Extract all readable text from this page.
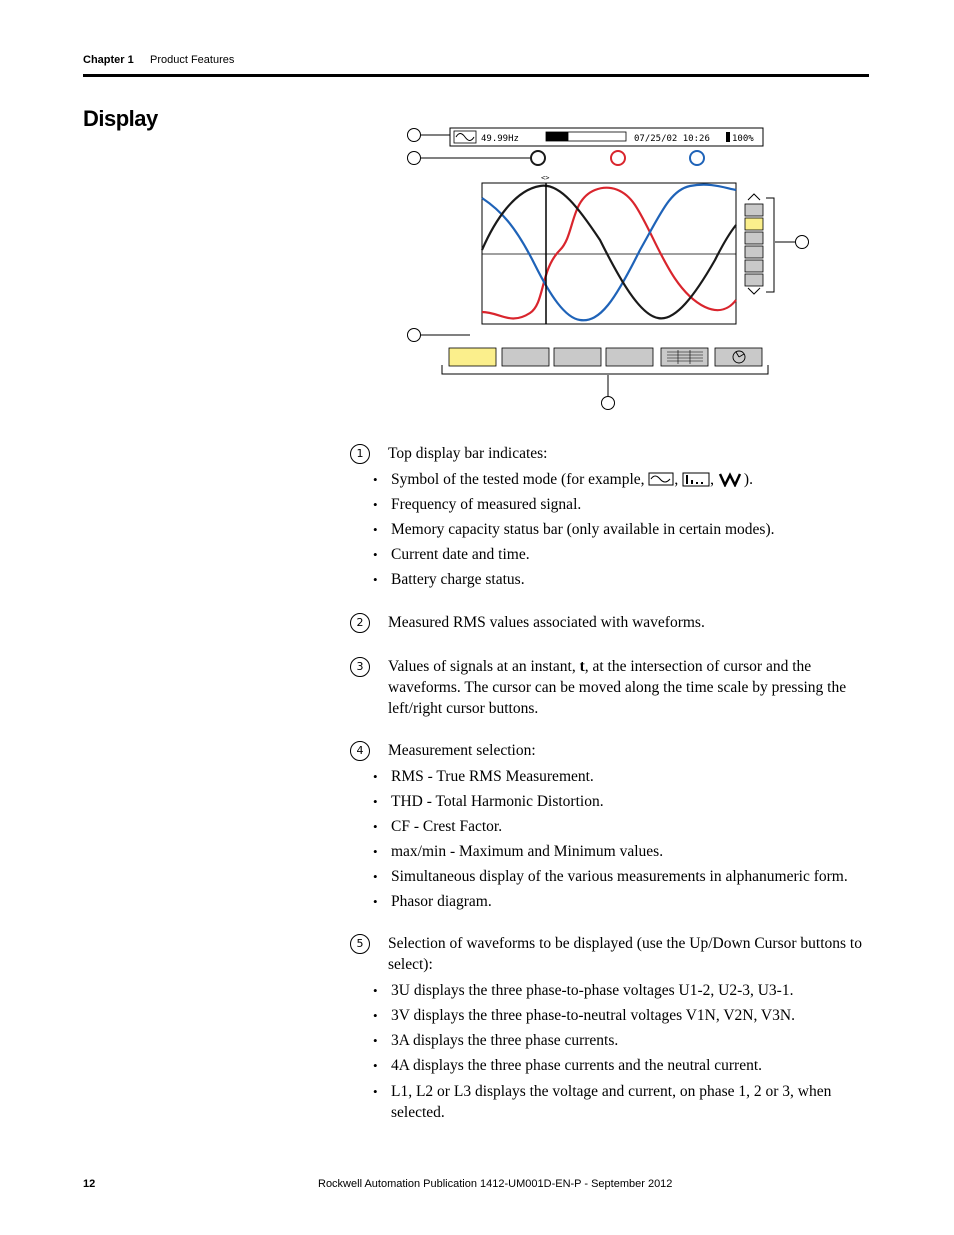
Chapter 1 Product Features
Display
49.99Hz	07/25/02 10:26 100%
<>
1	Top display bar indicates:
• Symbol of the tested mode (for example, , , ).
• Frequency of measured signal.
• Memory capacity status bar (only available in certain modes).
• Current date and time.
• Battery charge status.
2	Measured RMS values associated with waveforms.
3	Values of signals at an instant, t, at the intersection of cursor and the waveforms. The cursor can be moved along the time scale by pressing the left/right cursor buttons.
4	Measurement selection:
• RMS - True RMS Measurement.
• THD - Total Harmonic Distortion.
• CF - Crest Factor.
• max/min - Maximum and Minimum values.
• Simultaneous display of the various measurements in alphanumeric form.
• Phasor diagram.
5	Selection of waveforms to be displayed (use the Up/Down Cursor buttons to select):
• 3U displays the three phase-to-phase voltages U1-2, U2-3, U3-1.
• 3V displays the three phase-to-neutral voltages V1N, V2N, V3N.
• 3A displays the three phase currents.
• 4A displays the three phase currents and the neutral current.
• L1, L2 or L3 displays the voltage and current, on phase 1, 2 or 3, when selected.
12	Rockwell Automation Publication 1412-UM001D-EN-P - September 2012
